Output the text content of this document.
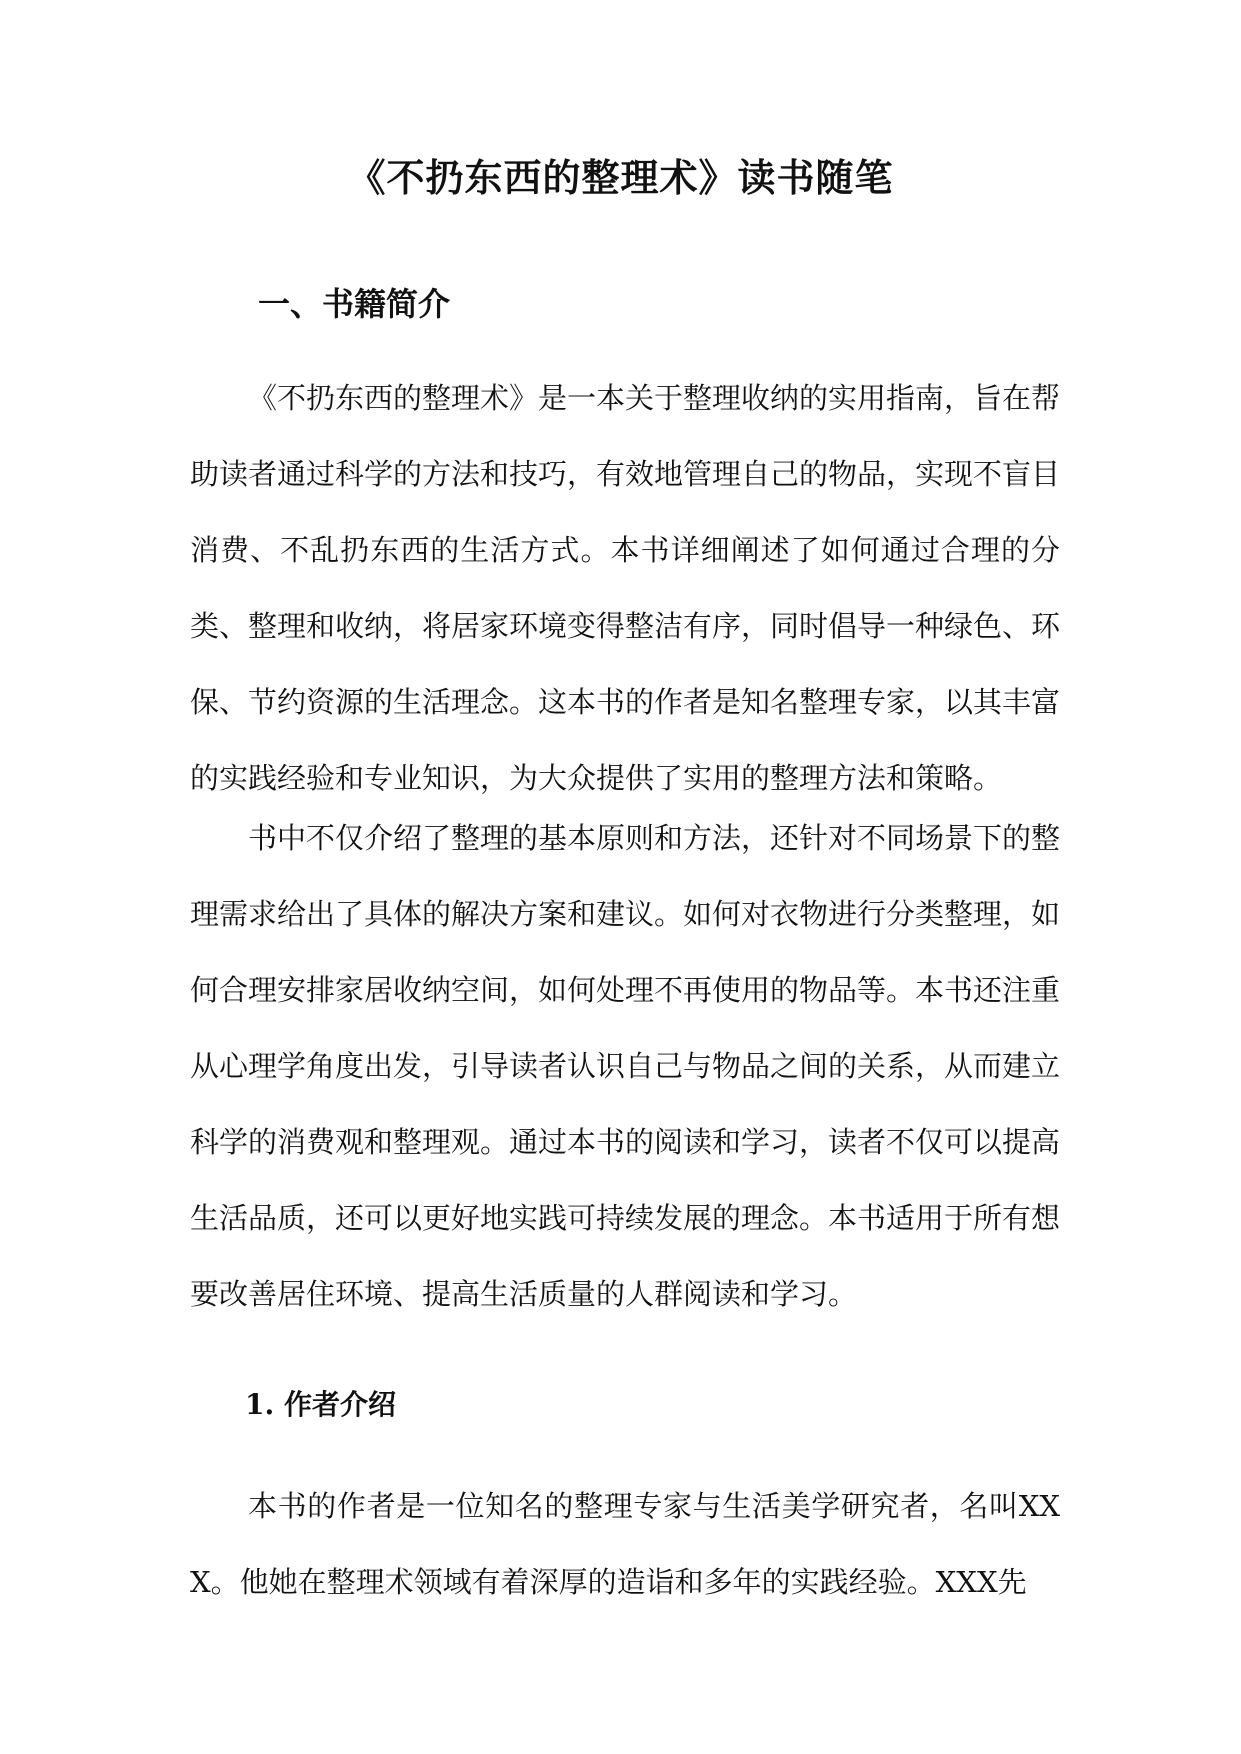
《不扔东西的整理术》读书随笔
一、书籍简介

《不扔东西的整理术》是一本关于整理收纳的实用指南，旨在帮助读者通过科学的方法和技巧，有效地管理自己的物品，实现不盲目消费、不乱扔东西的生活方式。本书详细阐述了如何通过合理的分类、整理和收纳，将居家环境变得整洁有序，同时倡导一种绿色、环保、节约资源的生活理念。这本书的作者是知名整理专家，以其丰富的实践经验和专业知识，为大众提供了实用的整理方法和策略。

书中不仅介绍了整理的基本原则和方法，还针对不同场景下的整理需求给出了具体的解决方案和建议。如何对衣物进行分类整理，如何合理安排家居收纳空间，如何处理不再使用的物品等。本书还注重从心理学角度出发，引导读者认识自己与物品之间的关系，从而建立科学的消费观和整理观。通过本书的阅读和学习，读者不仅可以提高生活品质，还可以更好地实践可持续发展的理念。本书适用于所有想要改善居住环境、提高生活质量的人群阅读和学习。

1. 作者介绍

本书的作者是一位知名的整理专家与生活美学研究者，名叫XXX。他她在整理术领域有着深厚的造诣和多年的实践经验。XXX先
